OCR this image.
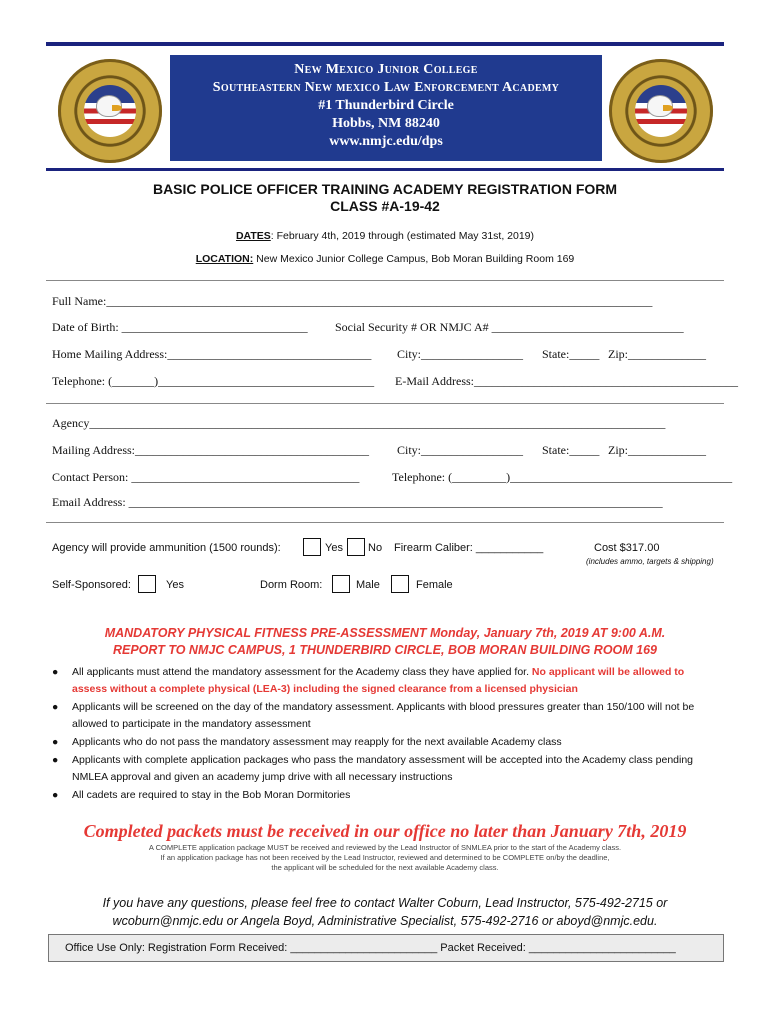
New Mexico Junior College
Southeastern New mexico Law Enforcement Academy
#1 Thunderbird Circle
Hobbs, NM 88240
www.nmjc.edu/dps
BASIC POLICE OFFICER TRAINING ACADEMY REGISTRATION FORM
CLASS #A-19-42
DATES: February 4th, 2019 through (estimated May 31st, 2019)
LOCATION: New Mexico Junior College Campus, Bob Moran Building Room 169
Full Name:___________________________________________________________________________________________
Date of Birth: _______________________________ Social Security # OR NMJC A# ________________________________
Home Mailing Address:__________________________________ City:_________________ State:_____ Zip:_____________
Telephone: (_______)____________________________________ E-Mail Address:____________________________________________
Agency________________________________________________________________________________________________
Mailing Address:_______________________________________ City:_________________ State:_____ Zip:_____________
Contact Person: ______________________________________	Telephone: (_________)_____________________________________
Email Address: _________________________________________________________________________________________
Agency will provide ammunition (1500 rounds):	Yes No Firearm Caliber: ___________	Cost $317.00
(includes ammo, targets & shipping)
Self-Sponsored:	Yes	Dorm Room:	Male	Female
MANDATORY PHYSICAL FITNESS PRE-ASSESSMENT Monday, January 7th, 2019 AT 9:00 A.M.
REPORT TO NMJC CAMPUS, 1 THUNDERBIRD CIRCLE, BOB MORAN BUILDING ROOM 169
● All applicants must attend the mandatory assessment for the Academy class they have applied for. No applicant will be allowed to assess without a complete physical (LEA-3) including the signed clearance from a licensed physician
● Applicants will be screened on the day of the mandatory assessment. Applicants with blood pressures greater than 150/100 will not be allowed to participate in the mandatory assessment
● Applicants who do not pass the mandatory assessment may reapply for the next available Academy class
● Applicants with complete application packages who pass the mandatory assessment will be accepted into the Academy class pending NMLEA approval and given an academy jump drive with all necessary instructions
● All cadets are required to stay in the Bob Moran Dormitories
Completed packets must be received in our office no later than January 7th, 2019
A COMPLETE application package MUST be received and reviewed by the Lead Instructor of SNMLEA prior to the start of the Academy class.
If an application package has not been received by the Lead Instructor, reviewed and determined to be COMPLETE on/by the deadline,
the applicant will be scheduled for the next available Academy class.
If you have any questions, please feel free to contact Walter Coburn, Lead Instructor, 575-492-2715 or
wcoburn@nmjc.edu or Angela Boyd, Administrative Specialist, 575-492-2716 or aboyd@nmjc.edu.
Office Use Only: Registration Form Received: ________________________ Packet Received: ________________________
